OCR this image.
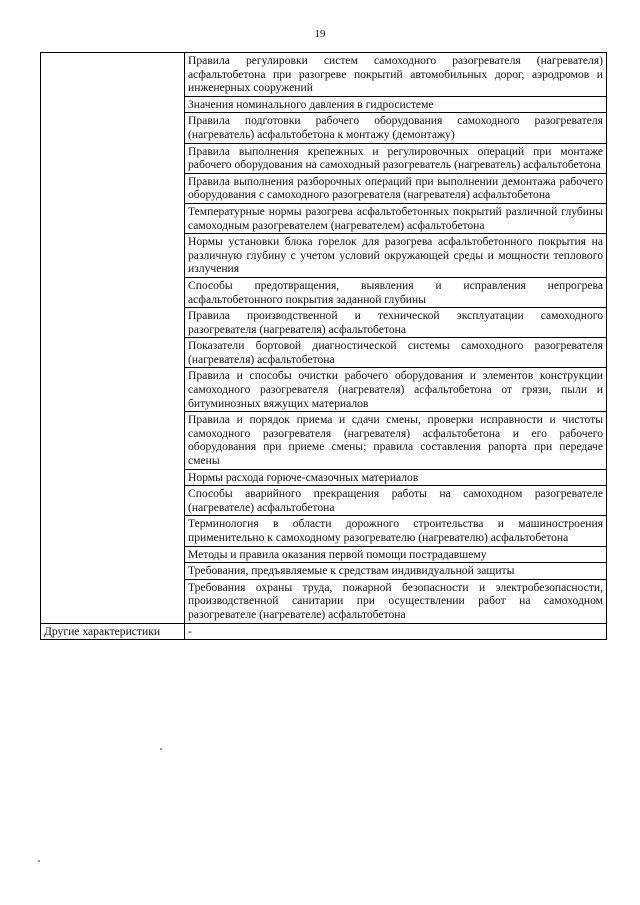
19
	Правила регулировки систем самоходного разогревателя (нагревателя) асфальтобетона при разогреве покрытий автомобильных дорог, аэродромов и инженерных сооружений
	Значения номинального давления в гидросистеме
	Правила подготовки рабочего оборудования самоходного разогревателя (нагреватель) асфальтобетона к монтажу (демонтажу)
	Правила выполнения крепежных и регулировочных операций при монтаже рабочего оборудования на самоходный разогреватель (нагреватель) асфальтобетона
	Правила выполнения разборочных операций при выполнении демонтажа рабочего оборудования с самоходного разогревателя (нагревателя) асфальтобетона
	Температурные нормы разогрева асфальтобетонных покрытий различной глубины самоходным разогревателем (нагревателем) асфальтобетона
	Нормы установки блока горелок для разогрева асфальтобетонного покрытия на различную глубину с учетом условий окружающей среды и мощности теплового излучения
	Способы предотвращения, выявления и исправления непрогрева асфальтобетонного покрытия заданной глубины
	Правила производственной и технической эксплуатации самоходного разогревателя (нагревателя) асфальтобетона
	Показатели бортовой диагностической системы самоходного разогревателя (нагревателя) асфальтобетона
	Правила и способы очистки рабочего оборудования и элементов конструкции самоходного разогревателя (нагревателя) асфальтобетона от грязи, пыли и битуминозных вяжущих материалов
	Правила и порядок приема и сдачи смены, проверки исправности и чистоты самоходного разогревателя (нагревателя) асфальтобетона и его рабочего оборудования при приеме смены; правила составления рапорта при передаче смены
	Нормы расхода горюче-смазочных материалов
	Способы аварийного прекращения работы на самоходном разогревателе (нагревателе) асфальтобетона
	Терминология в области дорожного строительства и машиностроения применительно к самоходному разогревателю (нагревателю) асфальтобетона
	Методы и правила оказания первой помощи пострадавшему
	Требования, предъявляемые к средствам индивидуальной защиты
	Требования охраны труда, пожарной безопасности и электробезопасности, производственной санитарии при осуществлении работ на самоходном разогревателе (нагревателе) асфальтобетона
Другие характеристики	-
